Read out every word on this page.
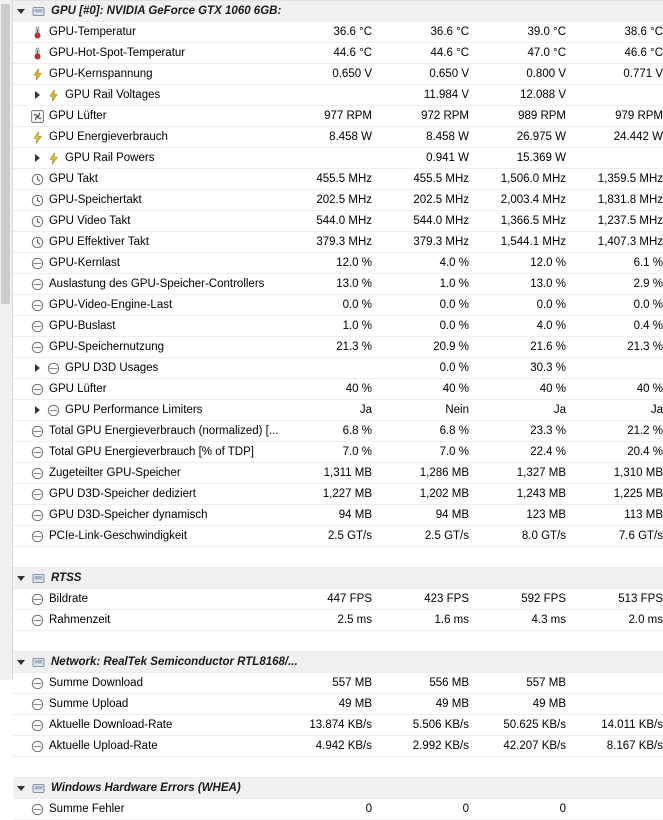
GPU [#0]: NVIDIA GeForce GTX 1060 6GB:				

GPU-Temperatur	36.6 °C	36.6 °C	39.0 °C	38.6 °C

GPU-Hot-Spot-Temperatur	44.6 °C	44.6 °C	47.0 °C	46.6 °C

GPU-Kernspannung	0.650 V	0.650 V	0.800 V	0.771 V

GPU Rail Voltages		11.984 V	12.088 V	

GPU Lüfter	977 RPM	972 RPM	989 RPM	979 RPM

GPU Energieverbrauch	8.458 W	8.458 W	26.975 W	24.442 W

GPU Rail Powers		0.941 W	15.369 W	

GPU Takt	455.5 MHz	455.5 MHz	1,506.0 MHz	1,359.5 MHz

GPU-Speichertakt	202.5 MHz	202.5 MHz	2,003.4 MHz	1,831.8 MHz

GPU Video Takt	544.0 MHz	544.0 MHz	1,366.5 MHz	1,237.5 MHz

GPU Effektiver Takt	379.3 MHz	379.3 MHz	1,544.1 MHz	1,407.3 MHz

GPU-Kernlast	12.0 %	4.0 %	12.0 %	6.1 %

Auslastung des GPU-Speicher-Controllers	13.0 %	1.0 %	13.0 %	2.9 %

GPU-Video-Engine-Last	0.0 %	0.0 %	0.0 %	0.0 %

GPU-Buslast	1.0 %	0.0 %	4.0 %	0.4 %

GPU-Speichernutzung	21.3 %	20.9 %	21.6 %	21.3 %

GPU D3D Usages		0.0 %	30.3 %	

GPU Lüfter	40 %	40 %	40 %	40 %

GPU Performance Limiters	Ja	Nein	Ja	Ja

Total GPU Energieverbrauch (normalized) [...	6.8 %	6.8 %	23.3 %	21.2 %

Total GPU Energieverbrauch [% of TDP]	7.0 %	7.0 %	22.4 %	20.4 %

Zugeteilter GPU-Speicher	1,311 MB	1,286 MB	1,327 MB	1,310 MB

GPU D3D-Speicher dediziert	1,227 MB	1,202 MB	1,243 MB	1,225 MB

GPU D3D-Speicher dynamisch	94 MB	94 MB	123 MB	113 MB

PCIe-Link-Geschwindigkeit	2.5 GT/s	2.5 GT/s	8.0 GT/s	7.6 GT/s

RTSS				

Bildrate	447 FPS	423 FPS	592 FPS	513 FPS

Rahmenzeit	2.5 ms	1.6 ms	4.3 ms	2.0 ms

Network: RealTek Semiconductor RTL8168/...				

Summe Download	557 MB	556 MB	557 MB	

Summe Upload	49 MB	49 MB	49 MB	

Aktuelle Download-Rate	13.874 KB/s	5.506 KB/s	50.625 KB/s	14.011 KB/s

Aktuelle Upload-Rate	4.942 KB/s	2.992 KB/s	42.207 KB/s	8.167 KB/s

Windows Hardware Errors (WHEA)				

Summe Fehler	0	0	0	
